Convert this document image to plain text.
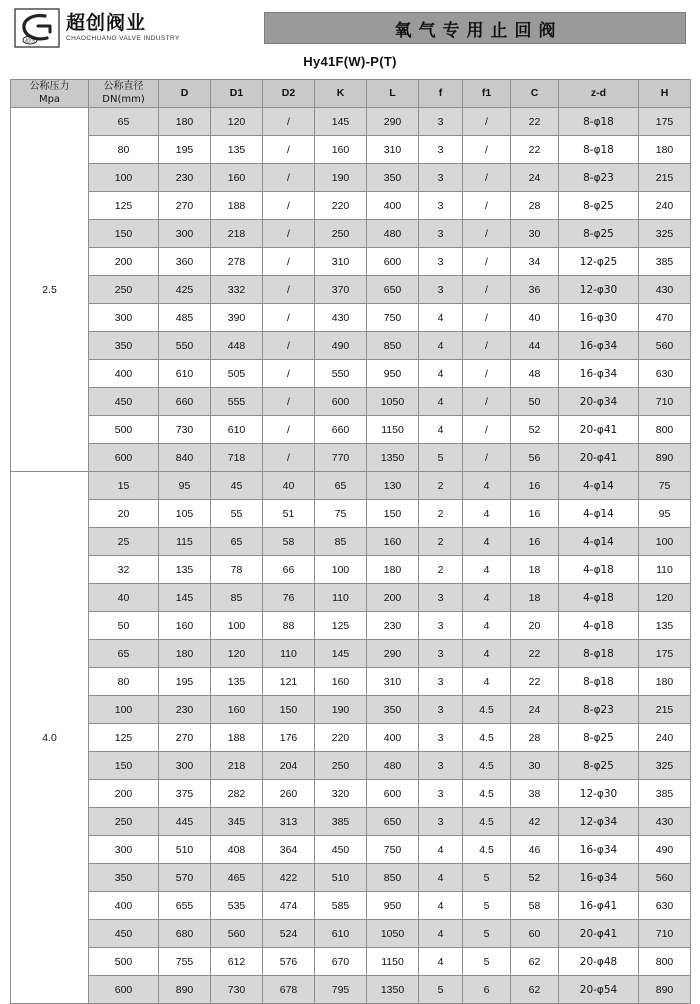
超创
超创阀业
CHAOCHUANG VALVE INDUSTRY	氧气专用止回阀
Hy41F(W)-P(T)
公称压力
Mpa	公称直径
DN(mm)	D	D1	D2	K	L	f	f1	C	z-d	H
2.5	65	180	120	/	145	290	3	/	22	8-φ18	175
	80	195	135	/	160	310	3	/	22	8-φ18	180
	100	230	160	/	190	350	3	/	24	8-φ23	215
	125	270	188	/	220	400	3	/	28	8-φ25	240
	150	300	218	/	250	480	3	/	30	8-φ25	325
	200	360	278	/	310	600	3	/	34	12-φ25	385
	250	425	332	/	370	650	3	/	36	12-φ30	430
	300	485	390	/	430	750	4	/	40	16-φ30	470
	350	550	448	/	490	850	4	/	44	16-φ34	560
	400	610	505	/	550	950	4	/	48	16-φ34	630
	450	660	555	/	600	1050	4	/	50	20-φ34	710
	500	730	610	/	660	1150	4	/	52	20-φ41	800
	600	840	718	/	770	1350	5	/	56	20-φ41	890
4.0	15	95	45	40	65	130	2	4	16	4-φ14	75
	20	105	55	51	75	150	2	4	16	4-φ14	95
	25	115	65	58	85	160	2	4	16	4-φ14	100
	32	135	78	66	100	180	2	4	18	4-φ18	110
	40	145	85	76	110	200	3	4	18	4-φ18	120
	50	160	100	88	125	230	3	4	20	4-φ18	135
	65	180	120	110	145	290	3	4	22	8-φ18	175
	80	195	135	121	160	310	3	4	22	8-φ18	180
	100	230	160	150	190	350	3	4.5	24	8-φ23	215
	125	270	188	176	220	400	3	4.5	28	8-φ25	240
	150	300	218	204	250	480	3	4.5	30	8-φ25	325
	200	375	282	260	320	600	3	4.5	38	12-φ30	385
	250	445	345	313	385	650	3	4.5	42	12-φ34	430
	300	510	408	364	450	750	4	4.5	46	16-φ34	490
	350	570	465	422	510	850	4	5	52	16-φ34	560
	400	655	535	474	585	950	4	5	58	16-φ41	630
	450	680	560	524	610	1050	4	5	60	20-φ41	710
	500	755	612	576	670	1150	4	5	62	20-φ48	800
	600	890	730	678	795	1350	5	6	62	20-φ54	890
